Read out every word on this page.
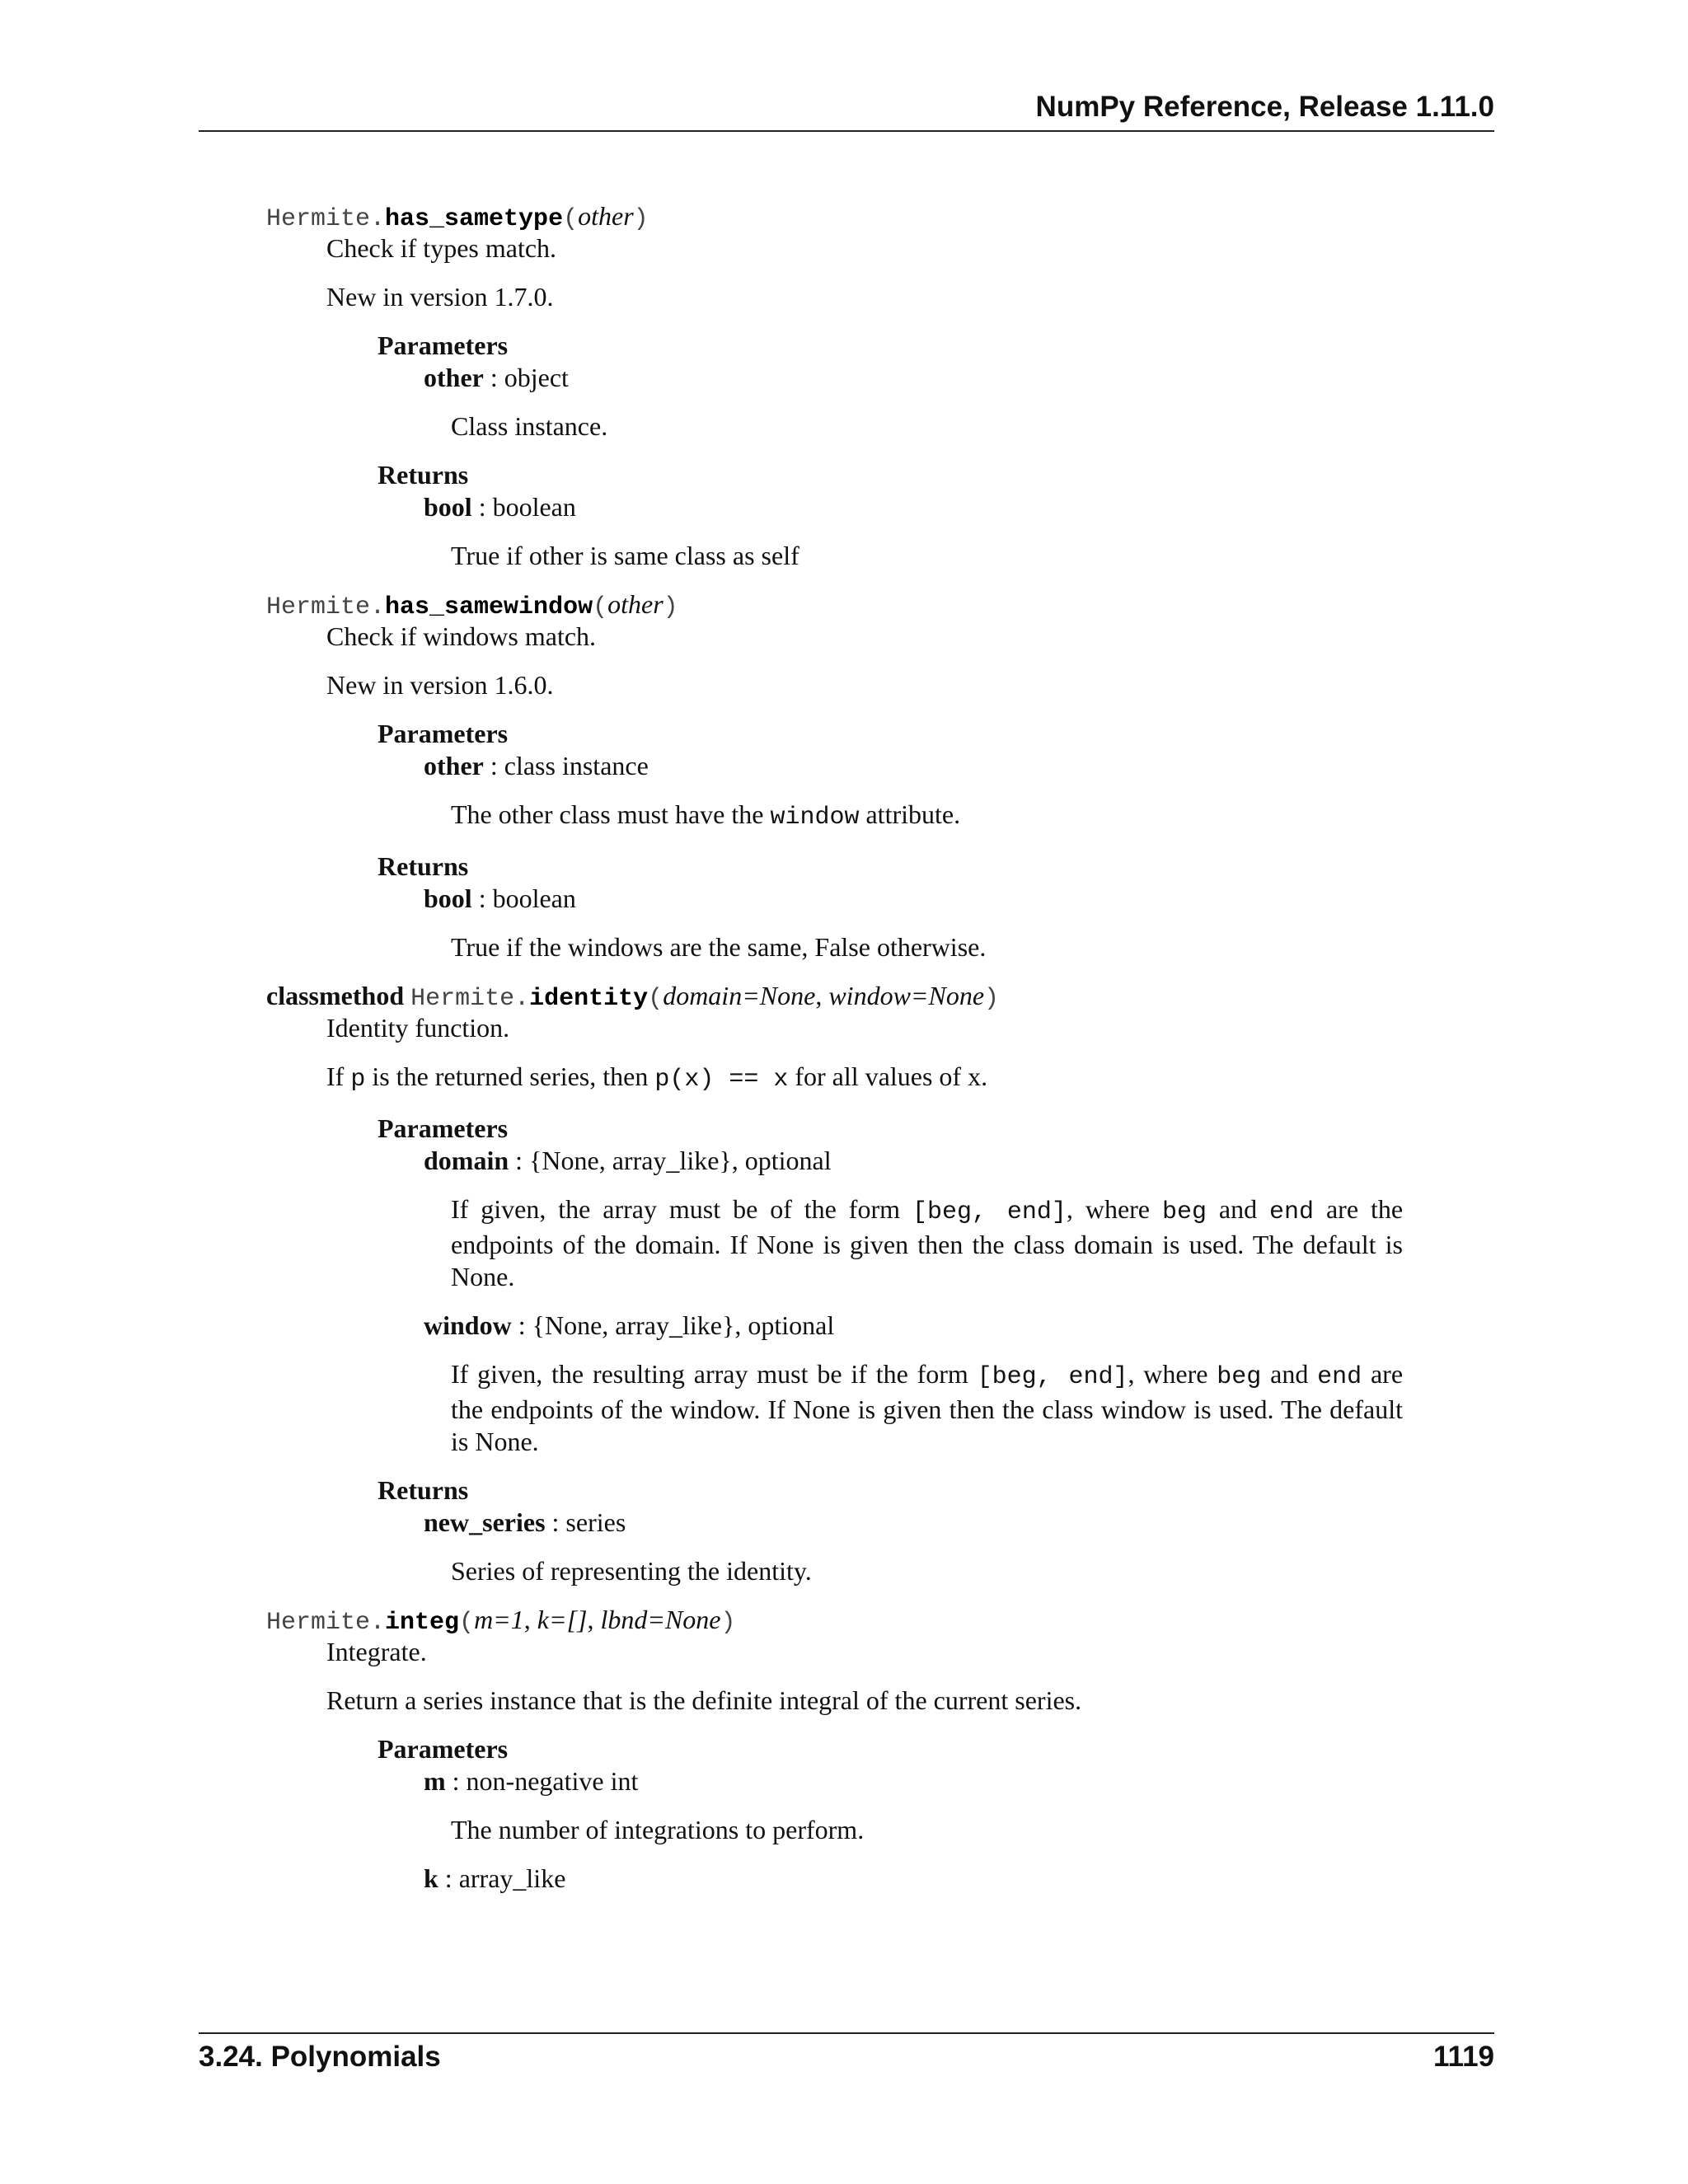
NumPy Reference, Release 1.11.0
Hermite.has_sametype(other)
Check if types match.
New in version 1.7.0.
Parameters
other : object
Class instance.
Returns
bool : boolean
True if other is same class as self
Hermite.has_samewindow(other)
Check if windows match.
New in version 1.6.0.
Parameters
other : class instance
The other class must have the window attribute.
Returns
bool : boolean
True if the windows are the same, False otherwise.
classmethod Hermite.identity(domain=None, window=None)
Identity function.
If p is the returned series, then p(x) == x for all values of x.
Parameters
domain : {None, array_like}, optional
If given, the array must be of the form [beg, end], where beg and end are the endpoints of the domain. If None is given then the class domain is used. The default is None.
window : {None, array_like}, optional
If given, the resulting array must be if the form [beg, end], where beg and end are the endpoints of the window. If None is given then the class window is used. The default is None.
Returns
new_series : series
Series of representing the identity.
Hermite.integ(m=1, k=[], lbnd=None)
Integrate.
Return a series instance that is the definite integral of the current series.
Parameters
m : non-negative int
The number of integrations to perform.
k : array_like
3.24. Polynomials	1119
